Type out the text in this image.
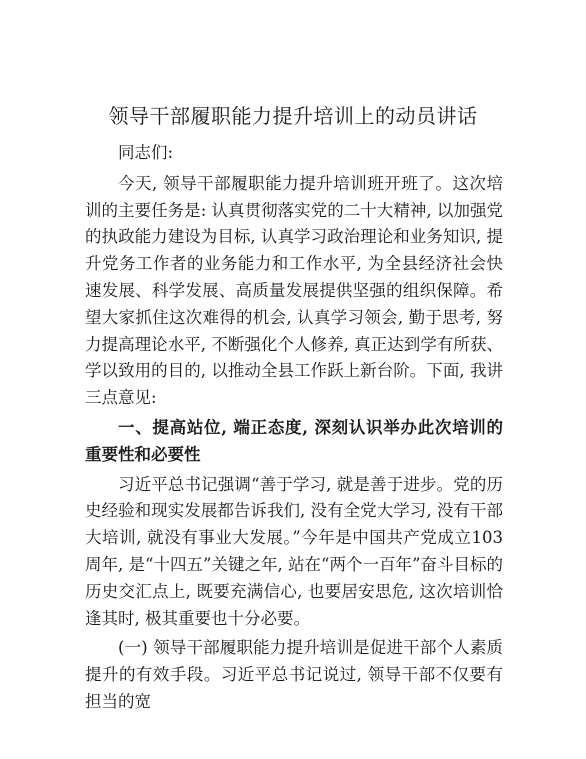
领导干部履职能力提升培训上的动员讲话

同志们:

今天, 领导干部履职能力提升培训班开班了。这次培训的主要任务是: 认真贯彻落实党的二十大精神, 以加强党的执政能力建设为目标, 认真学习政治理论和业务知识, 提升党务工作者的业务能力和工作水平, 为全县经济社会快速发展、科学发展、高质量发展提供坚强的组织保障。希望大家抓住这次难得的机会, 认真学习领会, 勤于思考, 努力提高理论水平, 不断强化个人修养, 真正达到学有所获、学以致用的目的, 以推动全县工作跃上新台阶。下面, 我讲三点意见:

一、提高站位, 端正态度, 深刻认识举办此次培训的重要性和必要性

习近平总书记强调“善于学习, 就是善于进步。党的历史经验和现实发展都告诉我们, 没有全党大学习, 没有干部大培训, 就没有事业大发展。”今年是中国共产党成立103周年, 是“十四五”关键之年, 站在“两个一百年”奋斗目标的历史交汇点上, 既要充满信心, 也要居安思危, 这次培训恰逢其时, 极其重要也十分必要。

(一) 领导干部履职能力提升培训是促进干部个人素质提升的有效手段。习近平总书记说过, 领导干部不仅要有担当的宽
